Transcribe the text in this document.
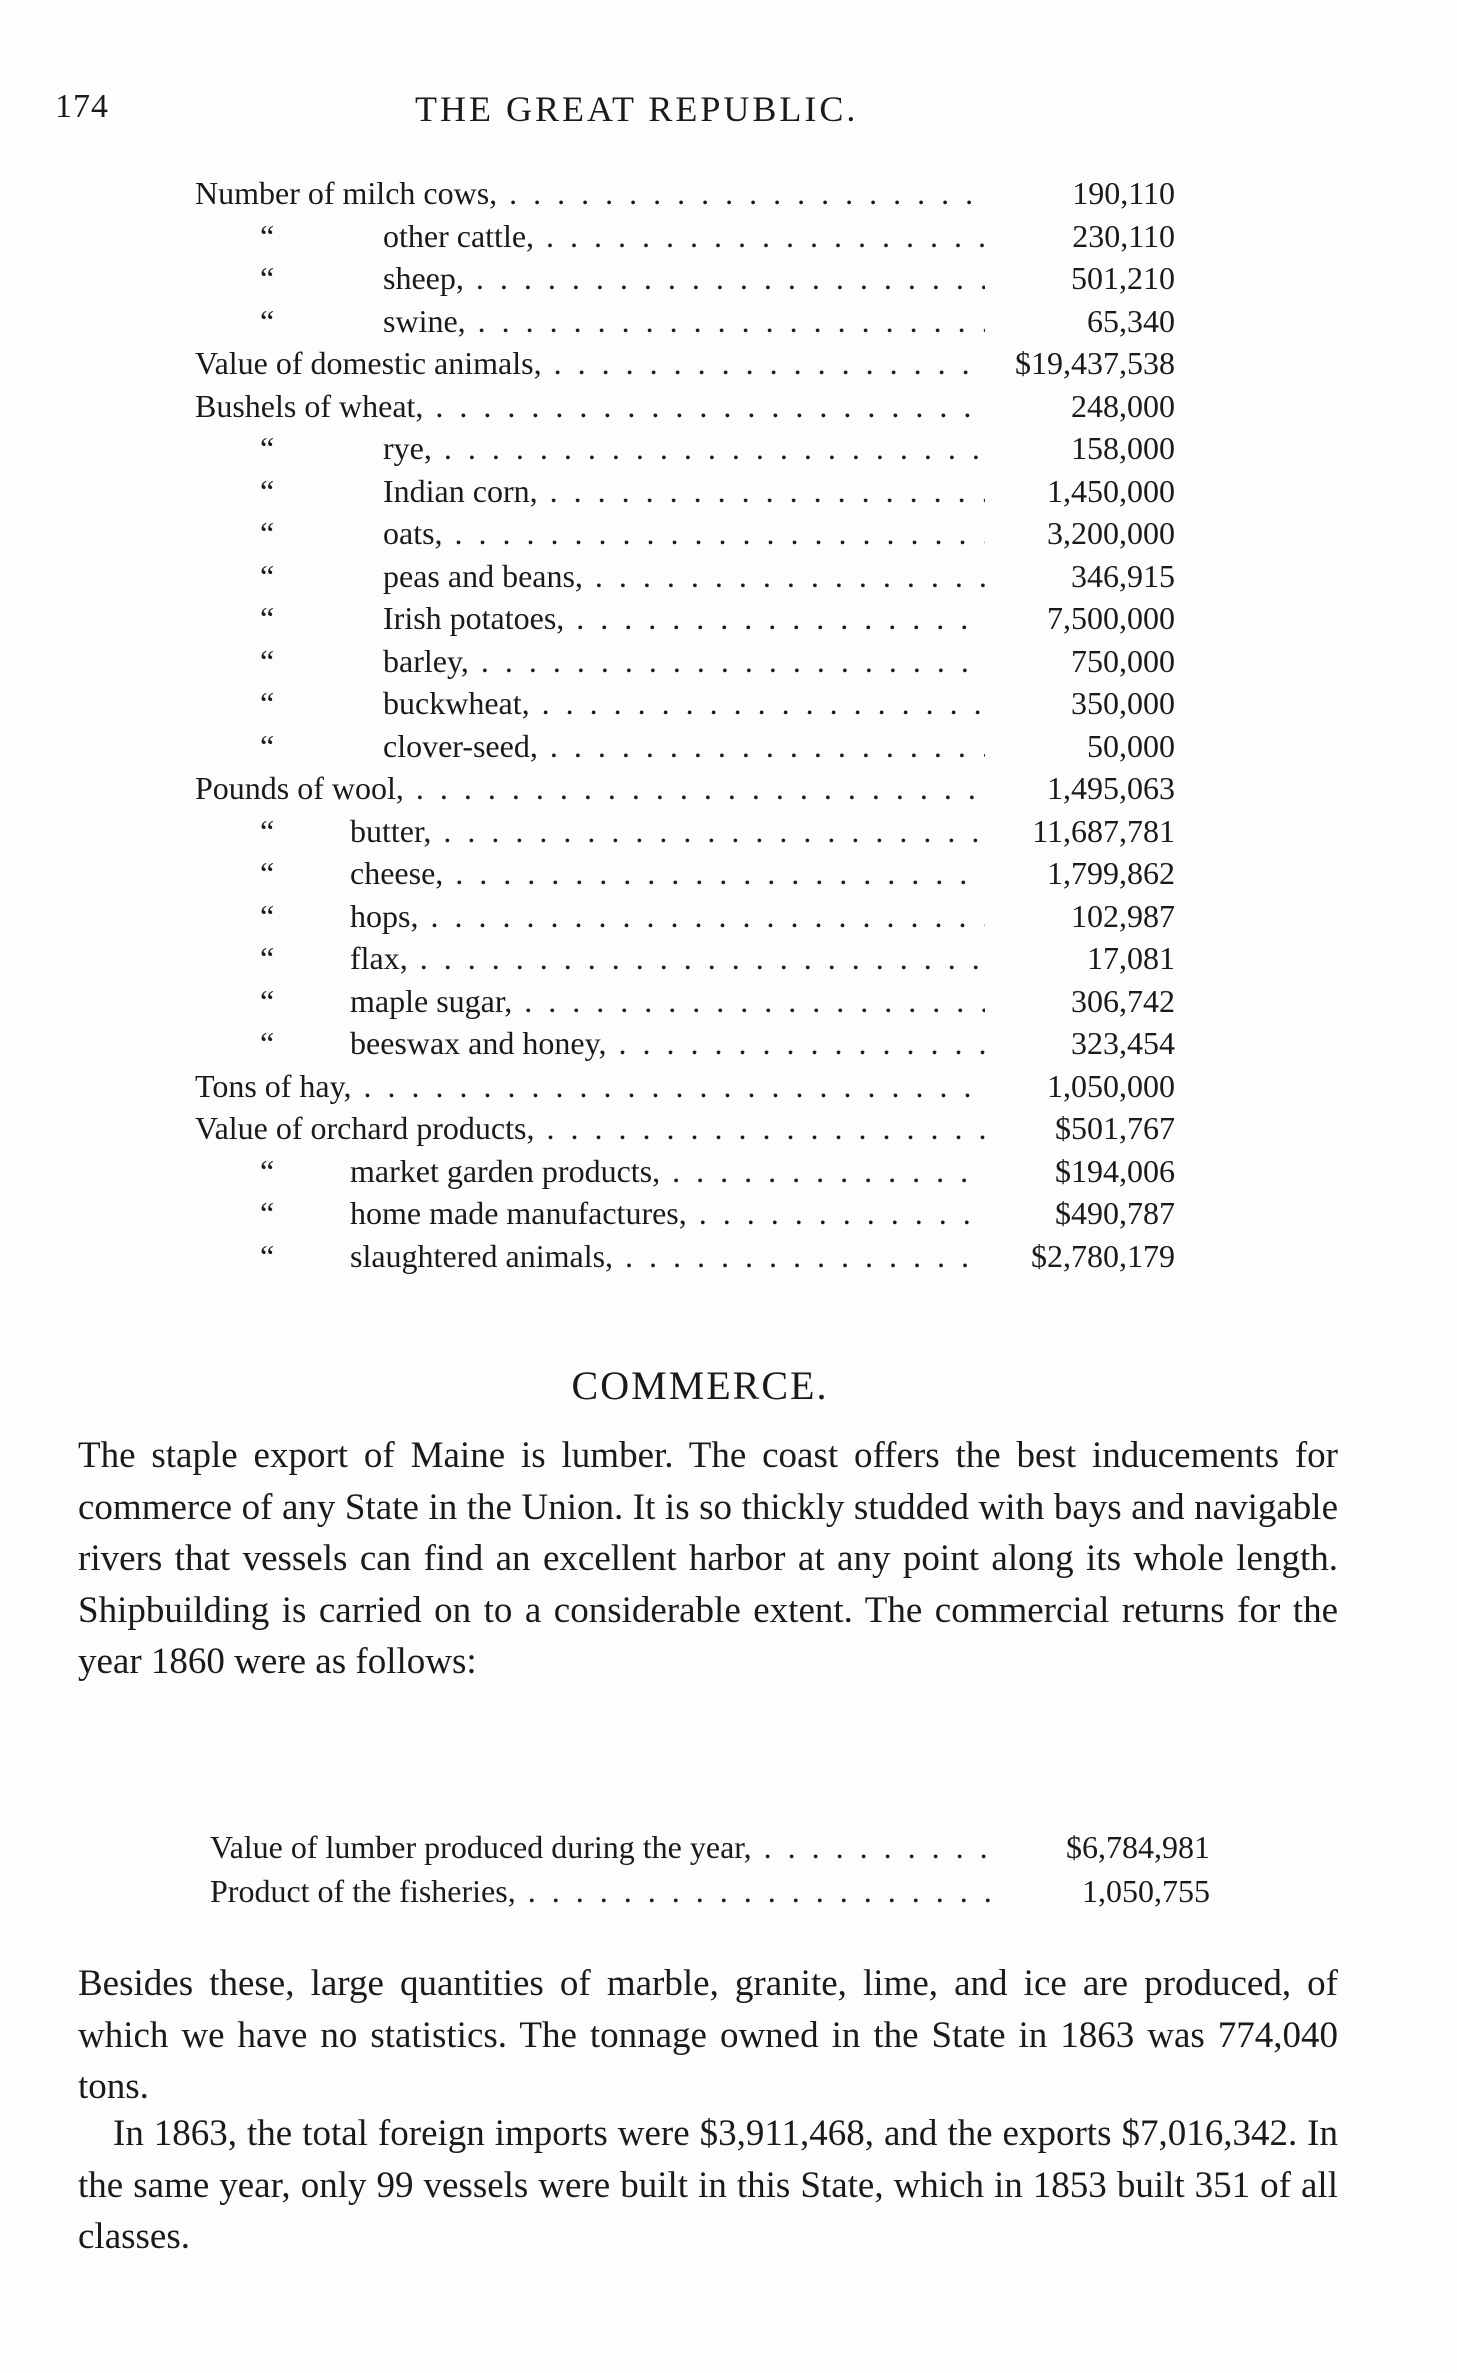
174	THE GREAT REPUBLIC.
Number of milch cows, . . .	190,110
“	other cattle, . . .	230,110
“	sheep, . . .	501,210
“	swine, . . .	65,340
Value of domestic animals, . . .	$19,437,538
Bushels of wheat, . . .	248,000
“	rye, . . .	158,000
“	Indian corn, . . .	1,450,000
“	oats, . . .	3,200,000
“	peas and beans, . . .	346,915
“	Irish potatoes, . . .	7,500,000
“	barley, . . .	750,000
“	buckwheat, . . .	350,000
“	clover-seed, . . .	50,000
Pounds of wool, . . .	1,495,063
“ butter, . . .	11,687,781
“ cheese, . . .	1,799,862
“ hops, . . .	102,987
“ flax, . . .	17,081
“ maple sugar, . . .	306,742
“ beeswax and honey, . . .	323,454
Tons of hay, . . .	1,050,000
Value of orchard products, . . .	$501,767
“ market garden products, . . .	$194,006
“ home made manufactures, . . .	$490,787
“ slaughtered animals, . . .	$2,780,179
COMMERCE.

The staple export of Maine is lumber. The coast offers the best inducements for commerce of any State in the Union. It is so thickly studded with bays and navigable rivers that vessels can find an excellent harbor at any point along its whole length. Shipbuilding is carried on to a considerable extent. The commercial returns for the year 1860 were as follows:

Value of lumber produced during the year, . . .	$6,784,981
Product of the fisheries, . . .	1,050,755

Besides these, large quantities of marble, granite, lime, and ice are produced, of which we have no statistics. The tonnage owned in the State in 1863 was 774,040 tons.

In 1863, the total foreign imports were $3,911,468, and the exports $7,016,342. In the same year, only 99 vessels were built in this State, which in 1853 built 351 of all classes.
